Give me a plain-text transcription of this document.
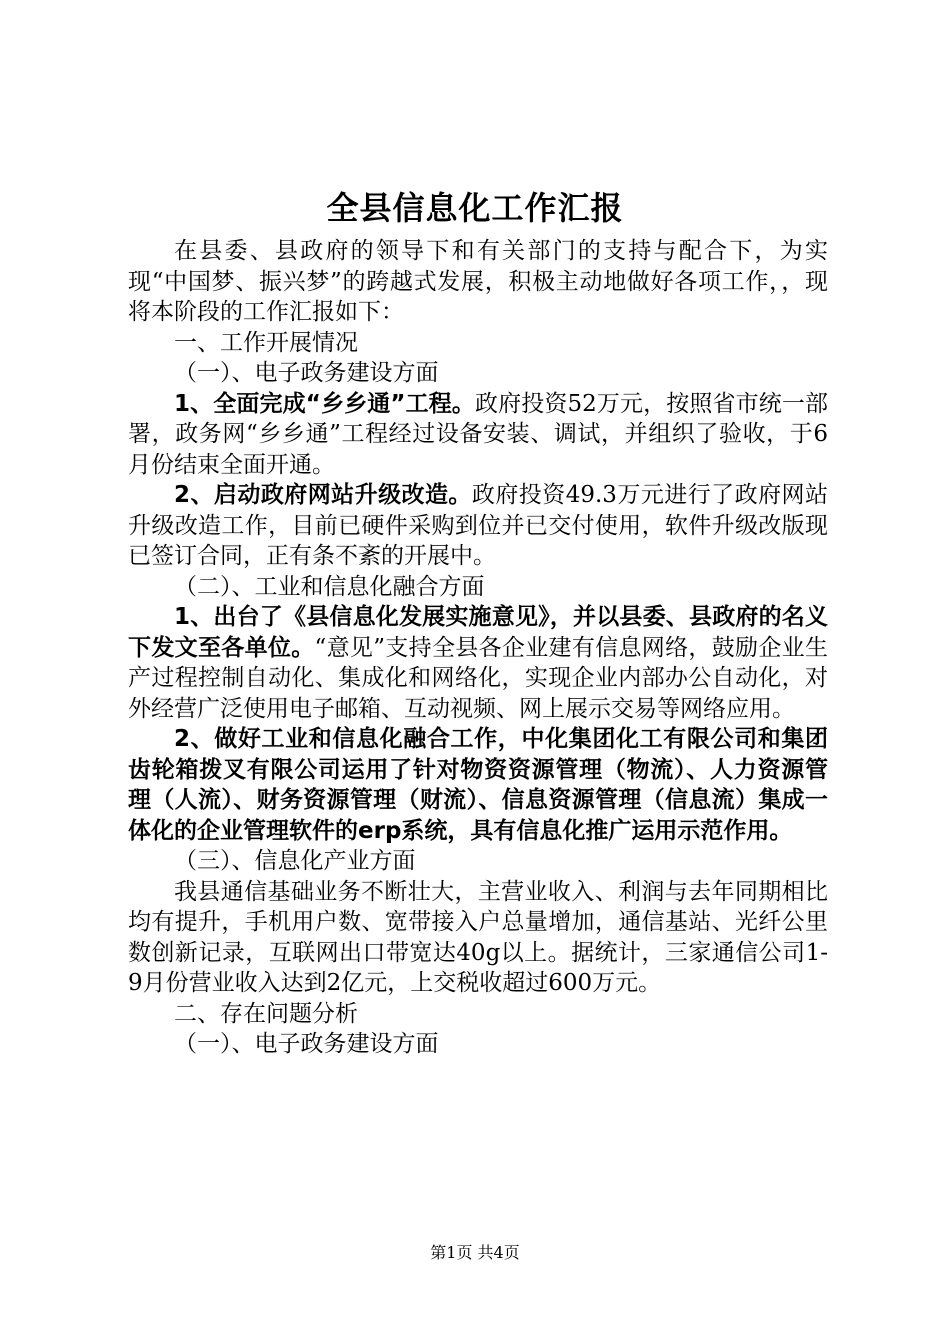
全县信息化工作汇报

在县委、县政府的领导下和有关部门的支持与配合下，为实现“中国梦、振兴梦”的跨越式发展，积极主动地做好各项工作，，现将本阶段的工作汇报如下：

一、工作开展情况

（一）、电子政务建设方面

1、全面完成“乡乡通”工程。政府投资52万元，按照省市统一部署，政务网“乡乡通”工程经过设备安装、调试，并组织了验收，于6月份结束全面开通。

2、启动政府网站升级改造。政府投资49.3万元进行了政府网站升级改造工作，目前已硬件采购到位并已交付使用，软件升级改版现已签订合同，正有条不紊的开展中。

（二）、工业和信息化融合方面

1、出台了《县信息化发展实施意见》，并以县委、县政府的名义下发文至各单位。“意见”支持全县各企业建有信息网络，鼓励企业生产过程控制自动化、集成化和网络化，实现企业内部办公自动化，对外经营广泛使用电子邮箱、互动视频、网上展示交易等网络应用。

2、做好工业和信息化融合工作，中化集团化工有限公司和集团齿轮箱拨叉有限公司运用了针对物资资源管理（物流）、人力资源管理（人流）、财务资源管理（财流）、信息资源管理（信息流）集成一体化的企业管理软件的erp系统，具有信息化推广运用示范作用。

（三）、信息化产业方面

我县通信基础业务不断壮大，主营业收入、利润与去年同期相比均有提升，手机用户数、宽带接入户总量增加，通信基站、光纤公里数创新记录，互联网出口带宽达40g以上。据统计，三家通信公司1-9月份营业收入达到2亿元，上交税收超过600万元。

二、存在问题分析

（一）、电子政务建设方面

第1页 共4页
